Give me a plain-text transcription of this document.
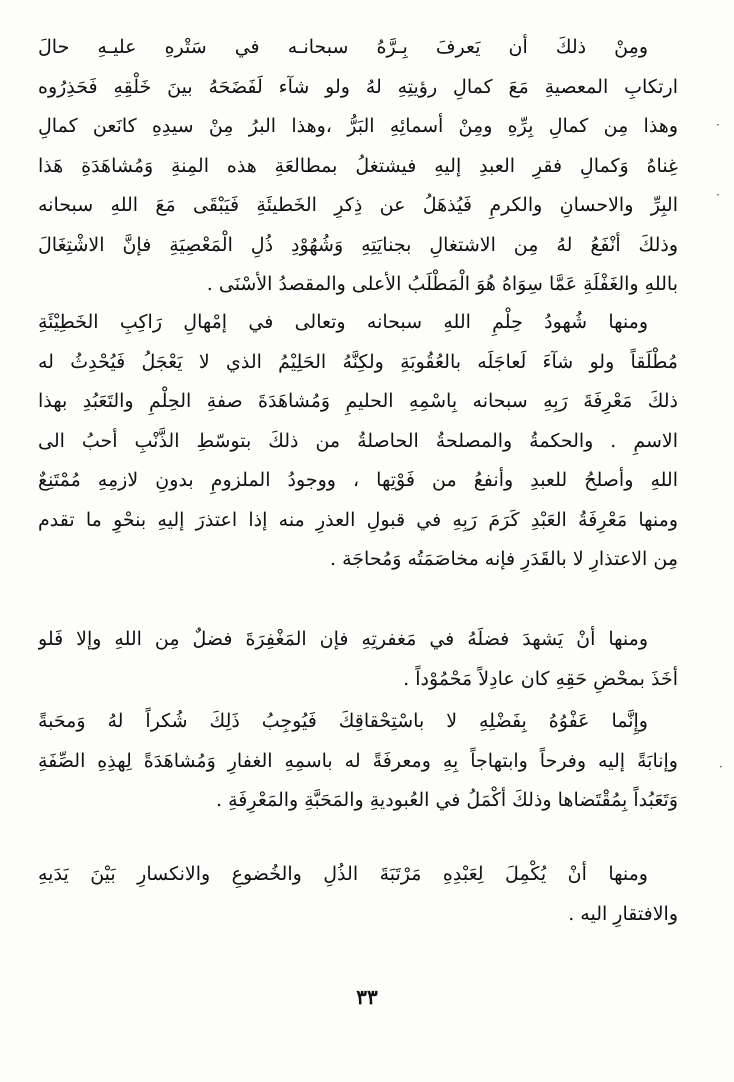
ومِنْ ذلكَ أن يَعرفَ بِـرَّهُ سبحانـه في سَتْرهِ عليـهِ حالَ
ارتكابِ المعصيةِ مَعَ كمالِ رؤيتِهِ لهُ ولو شآء لَفَضَحَهُ بينَ خَلْقِهِ فَحَذِرُوه
وهذا مِن كمالِ بِرِّهِ ومِنْ أسمائِهِ البَرُّ ،وهذا البرُ مِنْ سيدِهِ كانَعن كمالِ
غِناهُ وَكمالِ فقرِ العبدِ إليهِ فيشتغلُ بمطالعَةِ هذه المِنةِ وَمُشاهَدَةِ هَذا
البِرِّ والاحسانِ والكرمِ فَيُذهَلُ عن ذِكرِ الخَطيئَةِ فَيَبْقَى مَعَ اللهِ سبحانه
وذلكَ أنْفَعُ لهُ مِن الاشتغالِ بجنايَتِهِ وَشُهُوْدِ ذُلِ الْمَعْصِيَةِ فإنَّ الاشْتِغَالَ
باللهِ والغَفْلَةِ عَمَّا سِوَاهُ هُوَ الْمَطْلَبُ الأعلى والمقصدُ الأسْنَى .
ومنها شُهودُ حِلْمِ اللهِ سبحانه وتعالى في إمْهالِ رَاكِبِ الخَطِيْئَةِ
مُطْلَقاً ولو شآءَ لَعاجَلَه بالعُقُوبَةِ ولكِنَّهُ الحَلِيْمُ الذي لا يَعْجَلُ فَيُحْدِثُ له
ذلكَ مَعْرِفَةَ رَبِهِ سبحانه بِاسْمِهِ الحليمِ وَمُشاهَدَةَ صفةِ الحِلْمِ والتَعَبُدِ بهذا
الاسمِ . والحكمةُ والمصلحةُ الحاصلةُ من ذلكَ بتوسّطِ الذَّنْبِ أحبُ الى
اللهِ وأصلحُ للعبدِ وأنفعُ من فَوْتِها ، ووجودُ الملزومِ بدونِ لازمِهِ مُمْتَنِعٌ
ومنها مَعْرِفَةُ العَبْدِ كَرَمَ رَبِهِ في قبولِ العذرِ منه إذا اعتذرَ إليهِ بنحْوِ ما تقدم
مِن الاعتذارِ لا بالقَدَرِ فإنه مخاصَمَتُه وَمُحاجَة .
ومنها أنْ يَشهدَ فضلَهُ في مَغفرتِهِ فإن المَغْفِرَةَ فضلٌ مِن اللهِ وإلا فَلو
أخَذَ بمحْضِ حَقِهِ كان عادِلاً مَحْمُوْداً .
وإِنَّما عَفْوُهُ بِفَضْلِهِ لا باسْتِحْقاقِكَ فَيُوجِبُ ذَلِكَ شُكراً لهُ وَمحَبةً
وإنابَةً إليه وفرحاً وابتهاجاً بِهِ ومعرفَةً له باسمِهِ الغفارِ وَمُشاهَدَةً لِهذِهِ الصِّفَةِ
وَتَعَبُداً بِمُقْتَضاها وذلكَ أكْمَلُ في العُبوديةِ والمَحَبَّةِ والمَعْرِفَةِ .
ومنها أنْ يُكْمِلَ لِعَبْدِهِ مَرْتَبَةَ الذُلِ والخُضوعِ والانكسارِ بَيْنَ يَدَيهِ
والافتقارِ اليه .
٣٣
·
·
·
